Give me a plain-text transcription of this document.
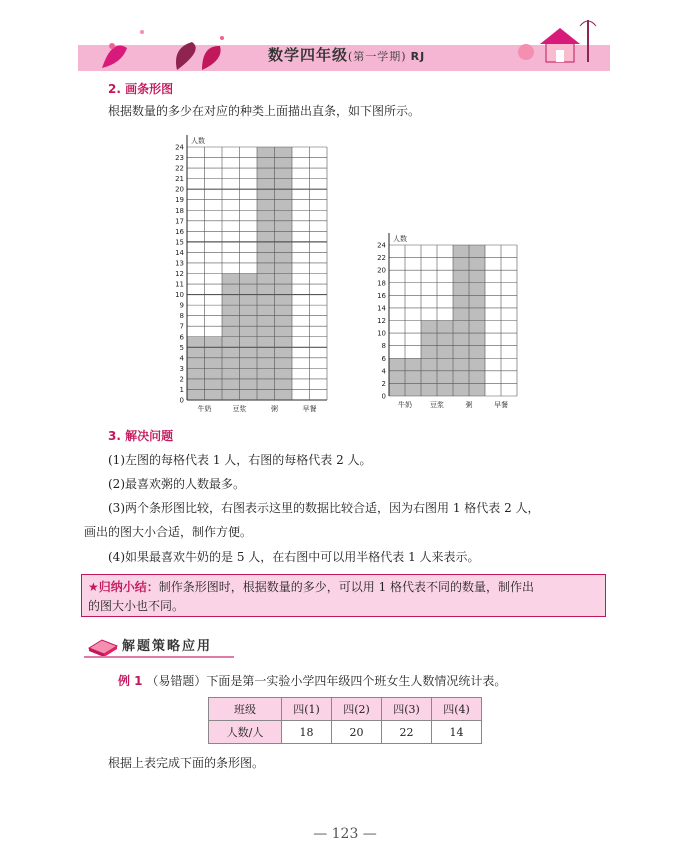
数学四年级(第一学期) RJ
2. 画条形图
根据数量的多少在对应的种类上面描出直条，如下图所示。
人数
0
1
2
3
4
5
6
7
8
9
10
11
12
13
14
15
16
17
18
19
20
21
22
23
24
牛奶	豆浆	粥	早餐
人数
0
2
4
6
8
10
12
14
16
18
20
22
24
牛奶	豆浆	粥	早餐
3. 解决问题
(1)左图的每格代表 1 人，右图的每格代表 2 人。
(2)最喜欢粥的人数最多。
(3)两个条形图比较，右图表示这里的数据比较合适，因为右图用 1 格代表 2 人，
画出的图大小合适，制作方便。
(4)如果最喜欢牛奶的是 5 人，在右图中可以用半格代表 1 人来表示。
★归纳小结：制作条形图时，根据数量的多少，可以用 1 格代表不同的数量，制作出
的图大小也不同。
解题策略应用
例 1 （易错题）下面是第一实验小学四年级四个班女生人数情况统计表。
班级	四(1)	四(2)	四(3)	四(4)
人数/人	18	20	22	14
根据上表完成下面的条形图。
— 123 —
